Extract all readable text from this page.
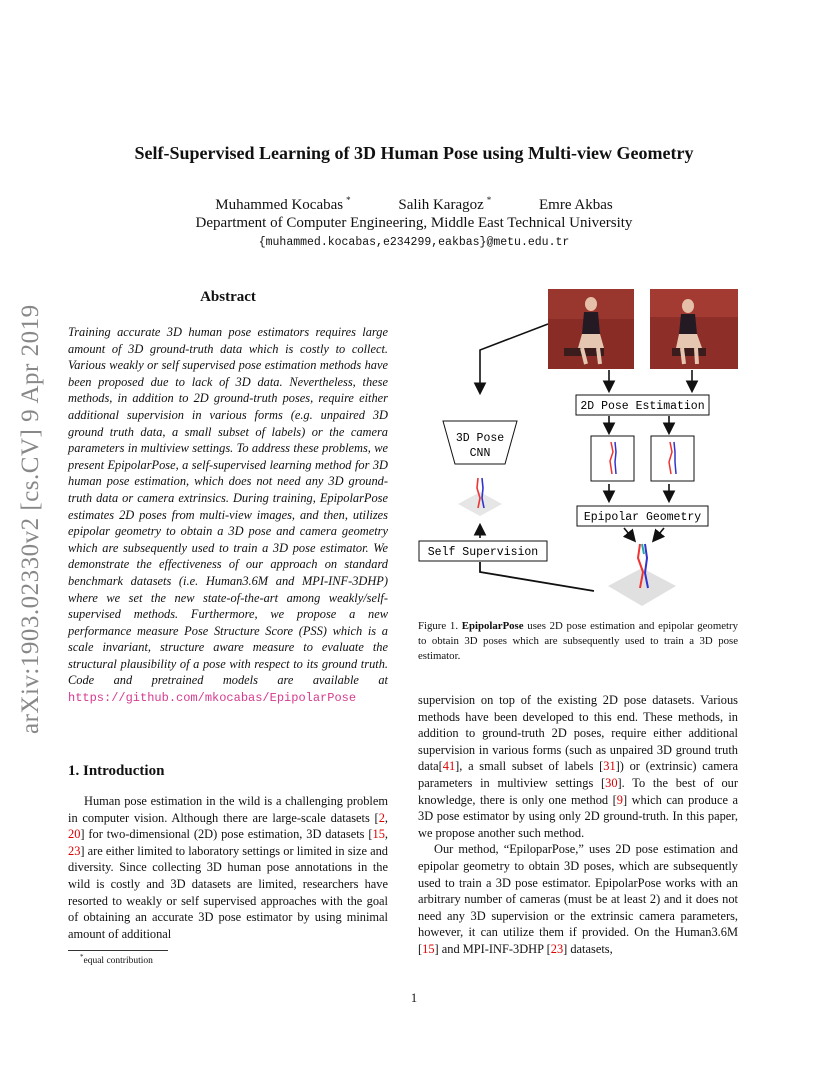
Self-Supervised Learning of 3D Human Pose using Multi-view Geometry
Muhammed Kocabas *	Salih Karagoz *	Emre Akbas
Department of Computer Engineering, Middle East Technical University
{muhammed.kocabas,e234299,eakbas}@metu.edu.tr
arXiv:1903.02330v2 [cs.CV] 9 Apr 2019
Abstract
Training accurate 3D human pose estimators requires large amount of 3D ground-truth data which is costly to collect. Various weakly or self supervised pose estimation methods have been proposed due to lack of 3D data. Nevertheless, these methods, in addition to 2D ground-truth poses, require either additional supervision in various forms (e.g. unpaired 3D ground truth data, a small subset of labels) or the camera parameters in multiview settings. To address these problems, we present EpipolarPose, a self-supervised learning method for 3D human pose estimation, which does not need any 3D ground-truth data or camera extrinsics. During training, EpipolarPose estimates 2D poses from multi-view images, and then, utilizes epipolar geometry to obtain a 3D pose and camera geometry which are subsequently used to train a 3D pose estimator. We demonstrate the effectiveness of our approach on standard benchmark datasets (i.e. Human3.6M and MPI-INF-3DHP) where we set the new state-of-the-art among weakly/self-supervised methods. Furthermore, we propose a new performance measure Pose Structure Score (PSS) which is a scale invariant, structure aware measure to evaluate the structural plausibility of a pose with respect to its ground truth. Code and pretrained models are available at https://github.com/mkocabas/EpipolarPose
1. Introduction
Human pose estimation in the wild is a challenging problem in computer vision. Although there are large-scale datasets [2, 20] for two-dimensional (2D) pose estimation, 3D datasets [15, 23] are either limited to laboratory settings or limited in size and diversity. Since collecting 3D human pose annotations in the wild is costly and 3D datasets are limited, researchers have resorted to weakly or self supervised approaches with the goal of obtaining an accurate 3D pose estimator by using minimal amount of additional
*equal contribution
1
2D Pose Estimation
Epipolar Geometry
3D Pose
CNN
Self Supervision
Figure 1. EpipolarPose uses 2D pose estimation and epipolar geometry to obtain 3D poses which are subsequently used to train a 3D pose estimator.

supervision on top of the existing 2D pose datasets. Various methods have been developed to this end. These methods, in addition to ground-truth 2D poses, require either additional supervision in various forms (such as unpaired 3D ground truth data[41], a small subset of labels [31]) or (extrinsic) camera parameters in multiview settings [30]. To the best of our knowledge, there is only one method [9] which can produce a 3D pose estimator by using only 2D ground-truth. In this paper, we propose another such method.

Our method, “EpiloparPose,” uses 2D pose estimation and epipolar geometry to obtain 3D poses, which are subsequently used to train a 3D pose estimator. EpipolarPose works with an arbitrary number of cameras (must be at least 2) and it does not need any 3D supervision or the extrinsic camera parameters, however, it can utilize them if provided. On the Human3.6M [15] and MPI-INF-3DHP [23] datasets,
